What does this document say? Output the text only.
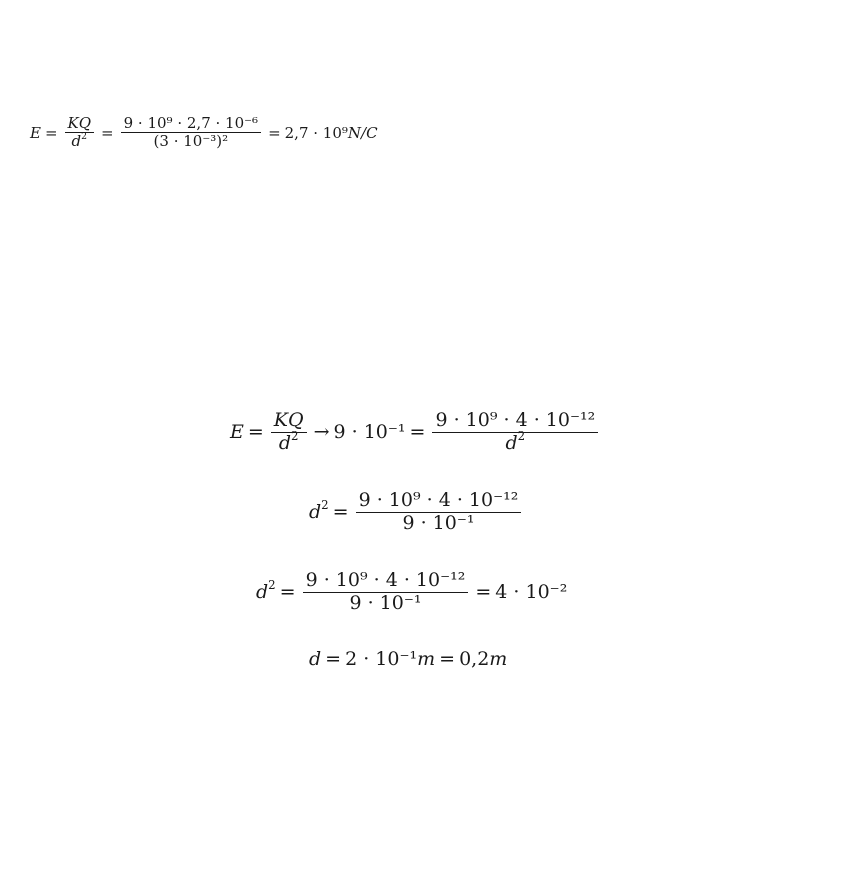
$E = \frac{KQ}{d^2} = \frac{\text{9 · 10⁹ · 2,7 · 10⁻⁶}}{\text{(3 · 10⁻³)²}} = 2,7 \cdot 10^9$ N/C
$E = \frac{KQ}{d^2} \to 9 \cdot 10^{-1} = \frac{\text{9 · 10⁹ · 4 · 10⁻¹²}}{d^2}$
$d^2 = \frac{\text{9 · 10⁹ · 4 · 10⁻¹²}}{\text{9 · 10⁻¹}}$
$d^2 = \frac{\text{9 · 10⁹ · 4 · 10⁻¹²}}{\text{9 · 10⁻¹}} = 4 \cdot 10^{-2}$
d = 2 · 10⁻¹ m = 0,2 m
